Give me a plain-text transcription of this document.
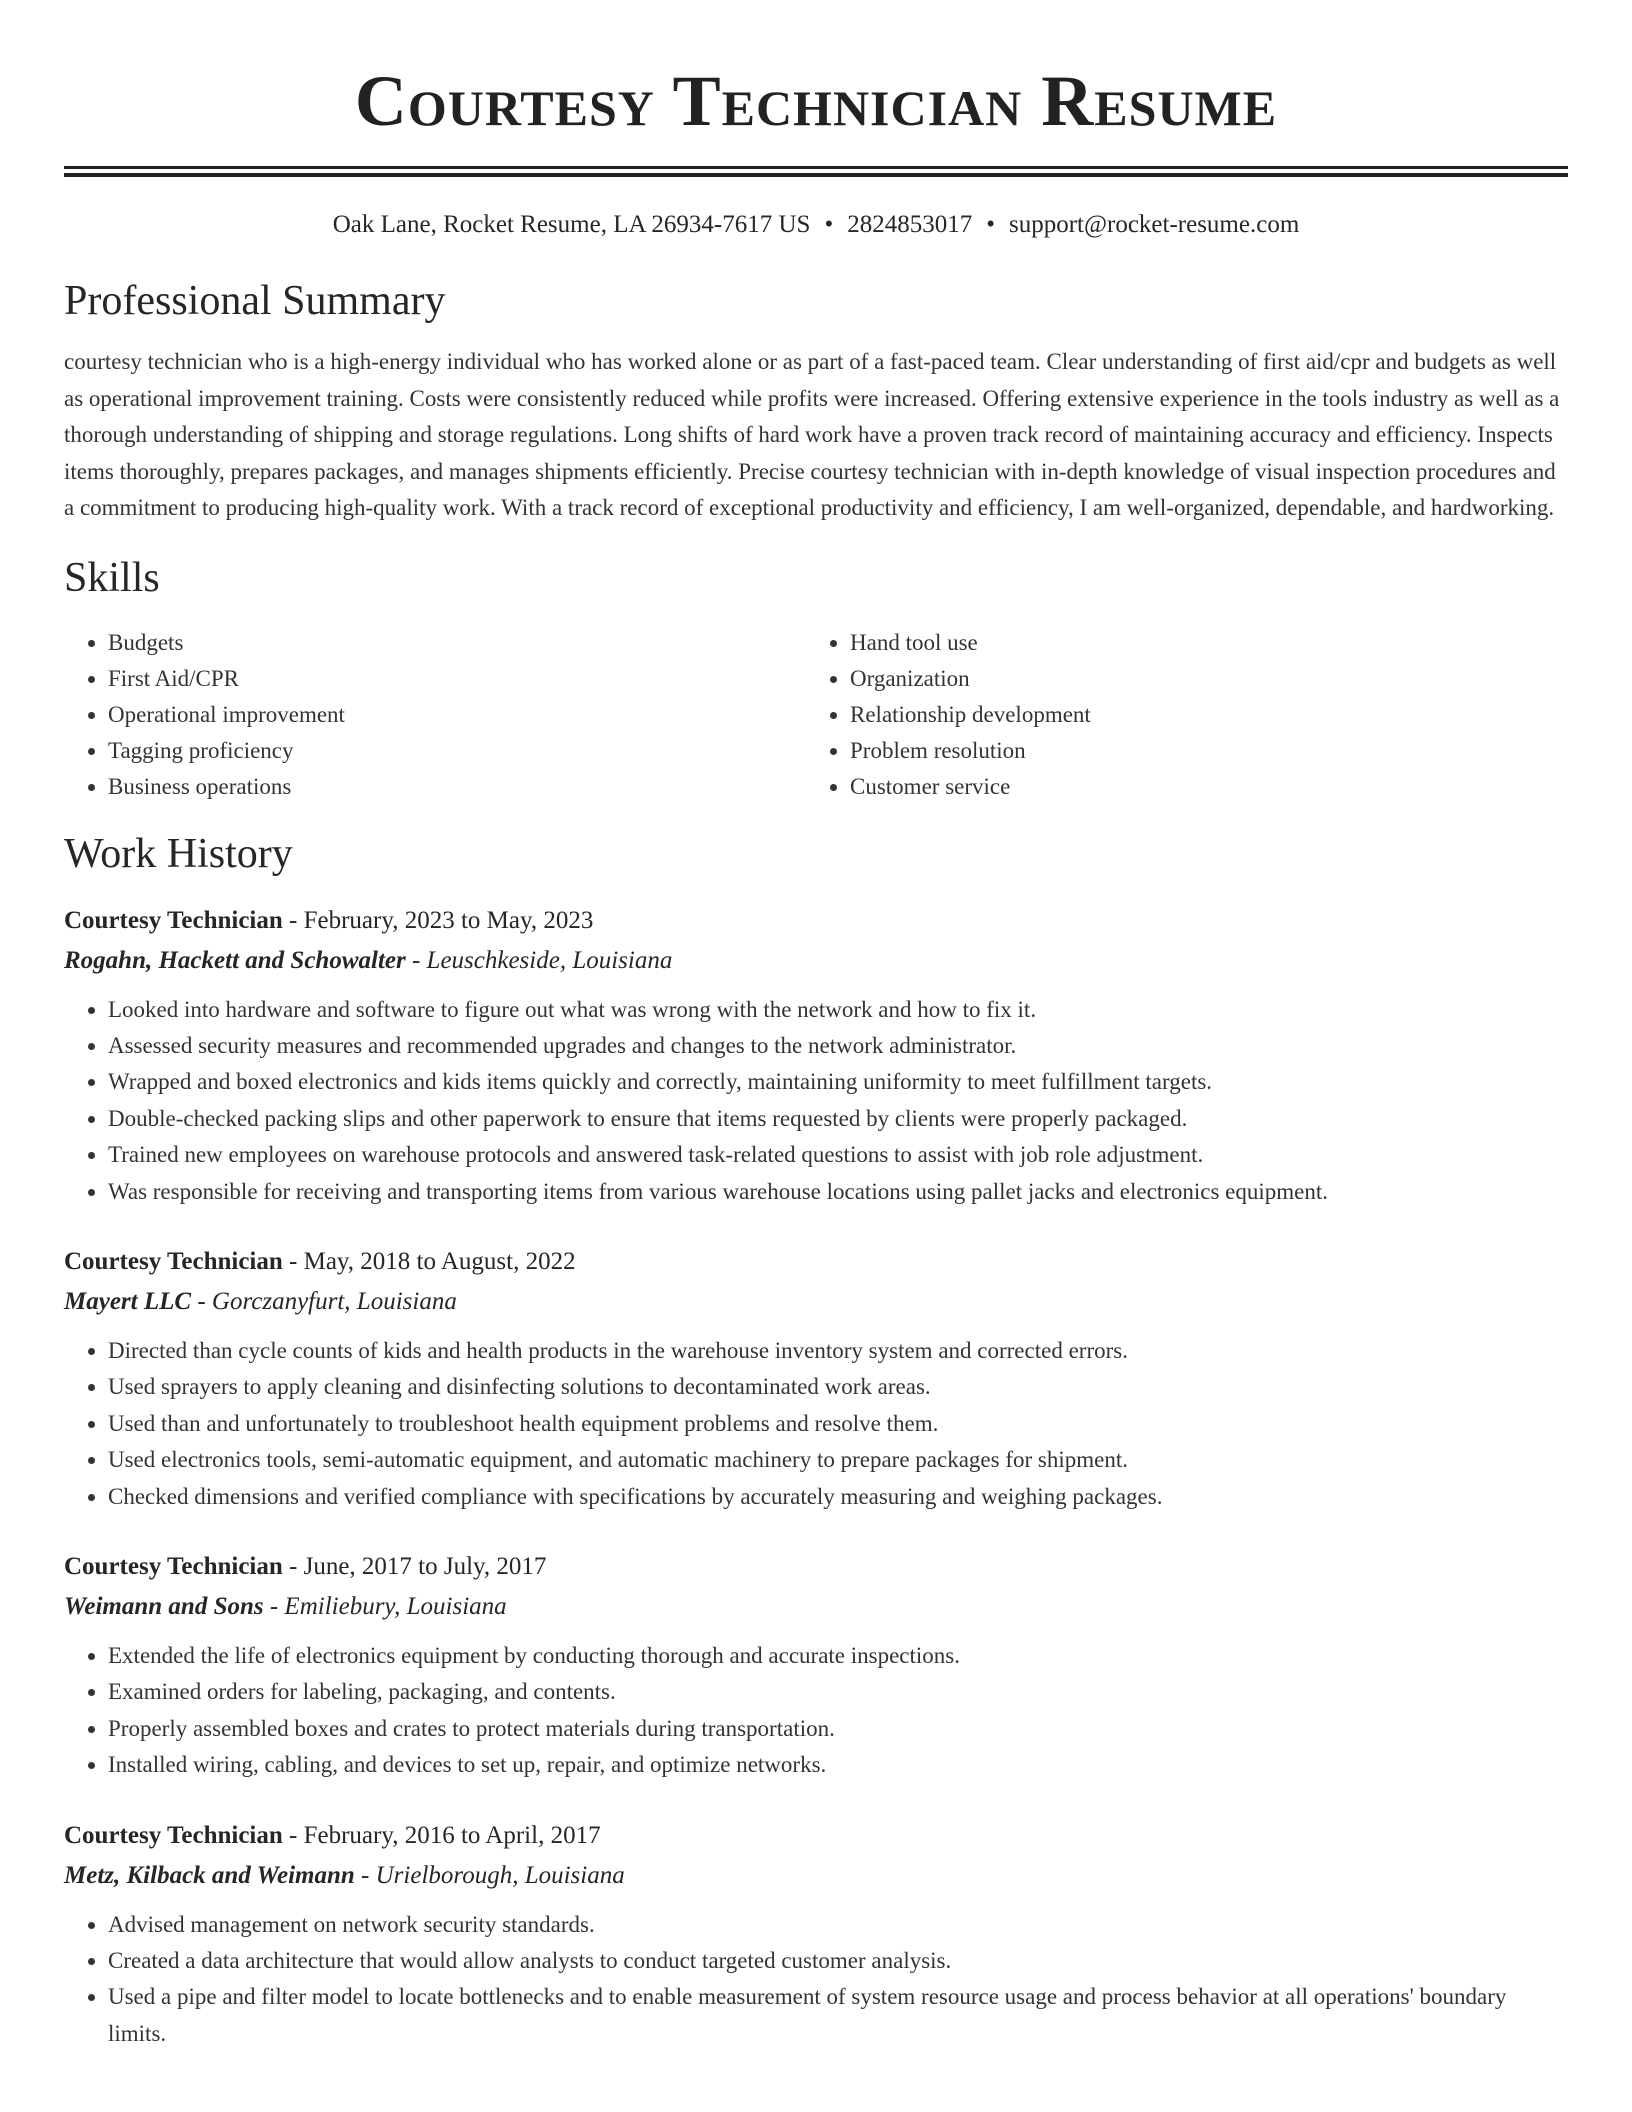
Courtesy Technician Resume
Oak Lane, Rocket Resume, LA 26934-7617 US • 2824853017 • support@rocket-resume.com
Professional Summary

courtesy technician who is a high-energy individual who has worked alone or as part of a fast-paced team. Clear understanding of first aid/cpr and budgets as well as operational improvement training. Costs were consistently reduced while profits were increased. Offering extensive experience in the tools industry as well as a thorough understanding of shipping and storage regulations. Long shifts of hard work have a proven track record of maintaining accuracy and efficiency. Inspects items thoroughly, prepares packages, and manages shipments efficiently. Precise courtesy technician with in-depth knowledge of visual inspection procedures and a commitment to producing high-quality work. With a track record of exceptional productivity and efficiency, I am well-organized, dependable, and hardworking.

Skills
• Budgets
• First Aid/CPR
• Operational improvement
• Tagging proficiency
• Business operations
• Hand tool use
• Organization
• Relationship development
• Problem resolution
• Customer service
Work History
Courtesy Technician - February, 2023 to May, 2023
Rogahn, Hackett and Schowalter - Leuschkeside, Louisiana
• Looked into hardware and software to figure out what was wrong with the network and how to fix it.
• Assessed security measures and recommended upgrades and changes to the network administrator.
• Wrapped and boxed electronics and kids items quickly and correctly, maintaining uniformity to meet fulfillment targets.
• Double-checked packing slips and other paperwork to ensure that items requested by clients were properly packaged.
• Trained new employees on warehouse protocols and answered task-related questions to assist with job role adjustment.
• Was responsible for receiving and transporting items from various warehouse locations using pallet jacks and electronics equipment.
Courtesy Technician - May, 2018 to August, 2022
Mayert LLC - Gorczanyfurt, Louisiana
• Directed than cycle counts of kids and health products in the warehouse inventory system and corrected errors.
• Used sprayers to apply cleaning and disinfecting solutions to decontaminated work areas.
• Used than and unfortunately to troubleshoot health equipment problems and resolve them.
• Used electronics tools, semi-automatic equipment, and automatic machinery to prepare packages for shipment.
• Checked dimensions and verified compliance with specifications by accurately measuring and weighing packages.
Courtesy Technician - June, 2017 to July, 2017
Weimann and Sons - Emiliebury, Louisiana
• Extended the life of electronics equipment by conducting thorough and accurate inspections.
• Examined orders for labeling, packaging, and contents.
• Properly assembled boxes and crates to protect materials during transportation.
• Installed wiring, cabling, and devices to set up, repair, and optimize networks.
Courtesy Technician - February, 2016 to April, 2017
Metz, Kilback and Weimann - Urielborough, Louisiana
• Advised management on network security standards.
• Created a data architecture that would allow analysts to conduct targeted customer analysis.
• Used a pipe and filter model to locate bottlenecks and to enable measurement of system resource usage and process behavior at all operations' boundary limits.
